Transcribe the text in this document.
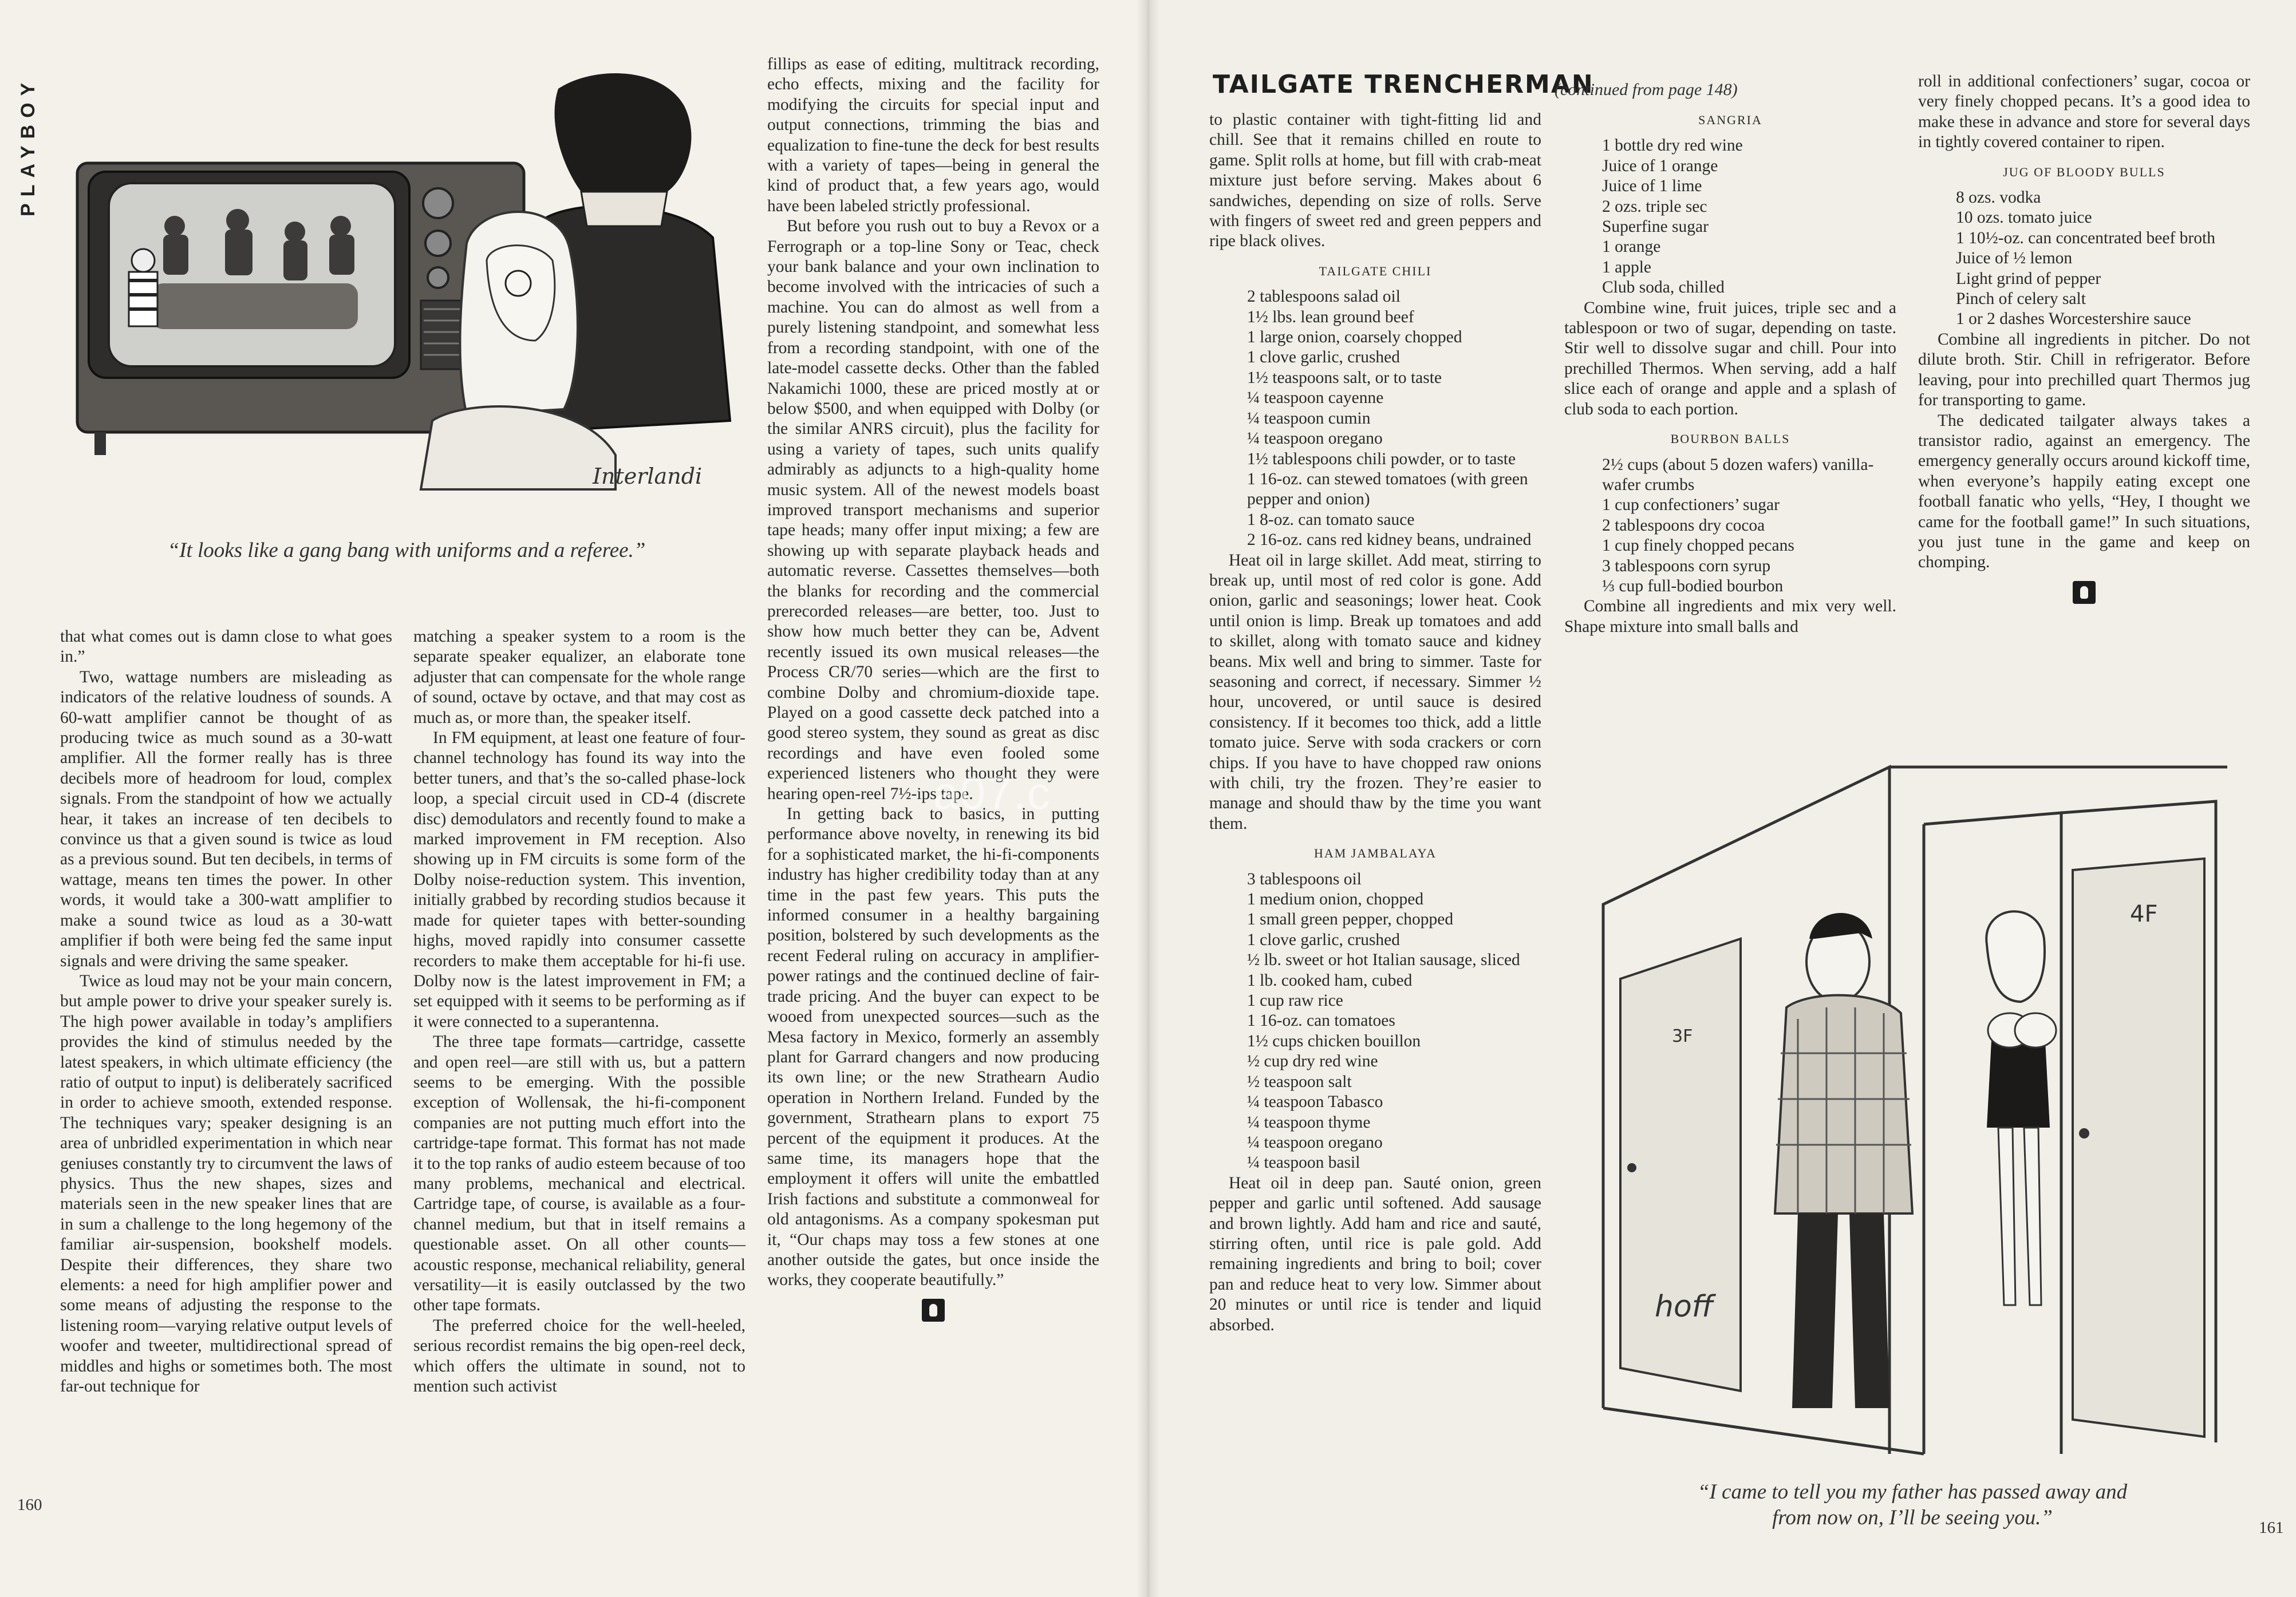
PLAYBOY
Interlandi
“It looks like a gang bang with uniforms and a referee.”

fillips as ease of editing, multitrack recording, echo effects, mixing and the facility for modifying the circuits for special input and output connections, trimming the bias and equalization to fine-tune the deck for best results with a variety of tapes—being in general the kind of product that, a few years ago, would have been labeled strictly professional.

But before you rush out to buy a Revox or a Ferrograph or a top-line Sony or Teac, check your bank balance and your own inclination to become involved with the intricacies of such a machine. You can do almost as well from a purely listening standpoint, and somewhat less from a recording standpoint, with one of the late-model cassette decks. Other than the fabled Nakamichi 1000, these are priced mostly at or below $500, and when equipped with Dolby (or the similar ANRS circuit), plus the facility for using a variety of tapes, such units qualify admirably as adjuncts to a high-quality home music system. All of the newest models boast improved transport mechanisms and superior tape heads; many offer input mixing; a few are showing up with separate playback heads and automatic reverse. Cassettes themselves—both the blanks for recording and the commercial prerecorded releases—are better, too. Just to show how much better they can be, Advent recently issued its own musical releases—the Process CR/70 series—which are the first to combine Dolby and chromium-dioxide tape. Played on a good cassette deck patched into a good stereo system, they sound as great as disc recordings and have even fooled some experienced listeners who thought they were hearing open-reel 7½-ips tape.

In getting back to basics, in putting performance above novelty, in renewing its bid for a sophisticated market, the hi-fi-components industry has higher credibility today than at any time in the past few years. This puts the informed consumer in a healthy bargaining position, bolstered by such developments as the recent Federal ruling on accuracy in amplifier-power ratings and the continued decline of fair-trade pricing. And the buyer can expect to be wooed from unexpected sources—such as the Mesa factory in Mexico, formerly an assembly plant for Garrard changers and now producing its own line; or the new Strathearn Audio operation in Northern Ireland. Funded by the government, Strathearn plans to export 75 percent of the equipment it produces. At the same time, its managers hope that the employment it offers will unite the embattled Irish factions and substitute a commonweal for old antagonisms. As a company spokesman put it, “Our chaps may toss a few stones at one another outside the gates, but once inside the works, they cooperate beautifully.”

that what comes out is damn close to what goes in.”

Two, wattage numbers are misleading as indicators of the relative loudness of sounds. A 60-watt amplifier cannot be thought of as producing twice as much sound as a 30-watt amplifier. All the former really has is three decibels more of headroom for loud, complex signals. From the standpoint of how we actually hear, it takes an increase of ten decibels to convince us that a given sound is twice as loud as a previous sound. But ten decibels, in terms of wattage, means ten times the power. In other words, it would take a 300-watt amplifier to make a sound twice as loud as a 30-watt amplifier if both were being fed the same input signals and were driving the same speaker.

Twice as loud may not be your main concern, but ample power to drive your speaker surely is. The high power available in today’s amplifiers provides the kind of stimulus needed by the latest speakers, in which ultimate efficiency (the ratio of output to input) is deliberately sacrificed in order to achieve smooth, extended response. The techniques vary; speaker designing is an area of unbridled experimentation in which near geniuses constantly try to circumvent the laws of physics. Thus the new shapes, sizes and materials seen in the new speaker lines that are in sum a challenge to the long hegemony of the familiar air-suspension, bookshelf models. Despite their differences, they share two elements: a need for high amplifier power and some means of adjusting the response to the listening room—varying relative output levels of woofer and tweeter, multidirectional spread of middles and highs or sometimes both. The most far-out technique for

matching a speaker system to a room is the separate speaker equalizer, an elaborate tone adjuster that can compensate for the whole range of sound, octave by octave, and that may cost as much as, or more than, the speaker itself.

In FM equipment, at least one feature of four-channel technology has found its way into the better tuners, and that’s the so-called phase-lock loop, a special circuit used in CD-4 (discrete disc) demodulators and recently found to make a marked improvement in FM reception. Also showing up in FM circuits is some form of the Dolby noise-reduction system. This invention, initially grabbed by recording studios because it made for quieter tapes with better-sounding highs, moved rapidly into consumer cassette recorders to make them acceptable for hi-fi use. Dolby now is the latest improvement in FM; a set equipped with it seems to be performing as if it were connected to a superantenna.

The three tape formats—cartridge, cassette and open reel—are still with us, but a pattern seems to be emerging. With the possible exception of Wollensak, the hi-fi-component companies are not putting much effort into the cartridge-tape format. This format has not made it to the top ranks of audio esteem because of too many problems, mechanical and electrical. Cartridge tape, of course, is available as a four-channel medium, but that in itself remains a questionable asset. On all other counts—acoustic response, mechanical reliability, general versatility—it is easily outclassed by the two other tape formats.

The preferred choice for the well-heeled, serious recordist remains the big open-reel deck, which offers the ultimate in sound, not to mention such activist

160
a07.c
TAILGATE TRENCHERMAN
(continued from page 148)

to plastic container with tight-fitting lid and chill. See that it remains chilled en route to game. Split rolls at home, but fill with crab-meat mixture just before serving. Makes about 6 sandwiches, depending on size of rolls. Serve with fingers of sweet red and green peppers and ripe black olives.

TAILGATE CHILI

2 tablespoons salad oil

1½ lbs. lean ground beef

1 large onion, coarsely chopped

1 clove garlic, crushed

1½ teaspoons salt, or to taste

¼ teaspoon cayenne

¼ teaspoon cumin

¼ teaspoon oregano

1½ tablespoons chili powder, or to taste

1 16-oz. can stewed tomatoes (with green pepper and onion)

1 8-oz. can tomato sauce

2 16-oz. cans red kidney beans, undrained

Heat oil in large skillet. Add meat, stirring to break up, until most of red color is gone. Add onion, garlic and seasonings; lower heat. Cook until onion is limp. Break up tomatoes and add to skillet, along with tomato sauce and kidney beans. Mix well and bring to simmer. Taste for seasoning and correct, if necessary. Simmer ½ hour, uncovered, or until sauce is desired consistency. If it becomes too thick, add a little tomato juice. Serve with soda crackers or corn chips. If you have to have chopped raw onions with chili, try the frozen. They’re easier to manage and should thaw by the time you want them.

HAM JAMBALAYA

3 tablespoons oil

1 medium onion, chopped

1 small green pepper, chopped

1 clove garlic, crushed

½ lb. sweet or hot Italian sausage, sliced

1 lb. cooked ham, cubed

1 cup raw rice

1 16-oz. can tomatoes

1½ cups chicken bouillon

½ cup dry red wine

½ teaspoon salt

¼ teaspoon Tabasco

¼ teaspoon thyme

¼ teaspoon oregano

¼ teaspoon basil

Heat oil in deep pan. Sauté onion, green pepper and garlic until softened. Add sausage and brown lightly. Add ham and rice and sauté, stirring often, until rice is pale gold. Add remaining ingredients and bring to boil; cover pan and reduce heat to very low. Simmer about 20 minutes or until rice is tender and liquid absorbed.

SANGRIA

1 bottle dry red wine

Juice of 1 orange

Juice of 1 lime

2 ozs. triple sec

Superfine sugar

1 orange

1 apple

Club soda, chilled

Combine wine, fruit juices, triple sec and a tablespoon or two of sugar, depending on taste. Stir well to dissolve sugar and chill. Pour into prechilled Thermos. When serving, add a half slice each of orange and apple and a splash of club soda to each portion.

BOURBON BALLS

2½ cups (about 5 dozen wafers) vanilla-wafer crumbs

1 cup confectioners’ sugar

2 tablespoons dry cocoa

1 cup finely chopped pecans

3 tablespoons corn syrup

⅓ cup full-bodied bourbon

Combine all ingredients and mix very well. Shape mixture into small balls and

roll in additional confectioners’ sugar, cocoa or very finely chopped pecans. It’s a good idea to make these in advance and store for several days in tightly covered container to ripen.

JUG OF BLOODY BULLS

8 ozs. vodka

10 ozs. tomato juice

1 10½-oz. can concentrated beef broth

Juice of ½ lemon

Light grind of pepper

Pinch of celery salt

1 or 2 dashes Worcestershire sauce

Combine all ingredients in pitcher. Do not dilute broth. Stir. Chill in refrigerator. Before leaving, pour into prechilled quart Thermos jug for transporting to game.

The dedicated tailgater always takes a transistor radio, against an emergency. The emergency generally occurs around kickoff time, when everyone’s happily eating except one football fanatic who yells, “Hey, I thought we came for the football game!” In such situations, you just tune in the game and keep on chomping.

3F
4F
hoff
“I came to tell you my father has passed away and
from now on, I’ll be seeing you.”	161
